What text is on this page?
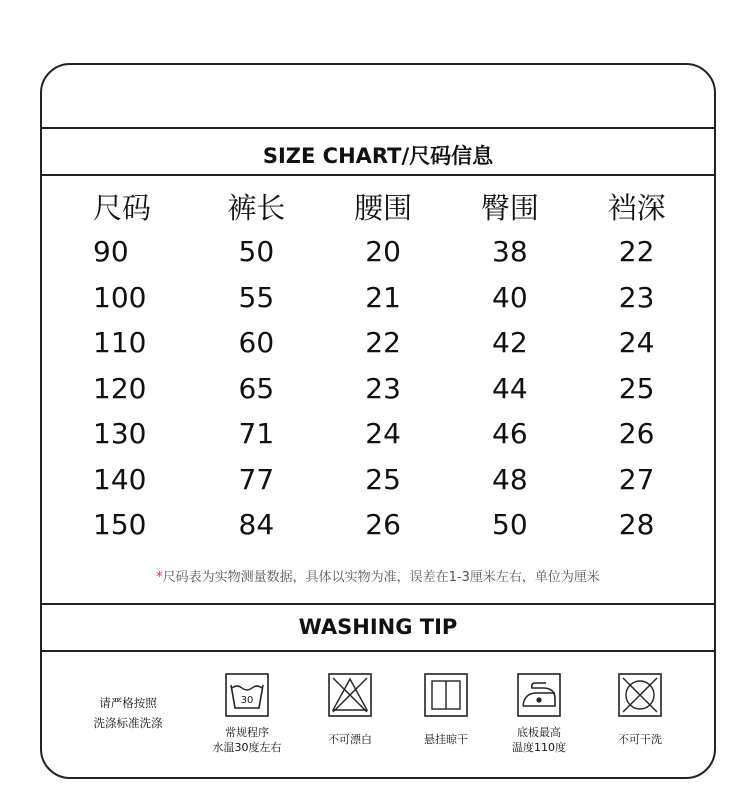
SIZE CHART/尺码信息
尺码	裤长	腰围	臀围	裆深
90	50	20	38	22
100	55	21	40	23
110	60	22	42	24
120	65	23	44	25
130	71	24	46	26
140	77	25	48	27
150	84	26	50	28
*尺码表为实物测量数据，具体以实物为准，误差在1-3厘米左右，单位为厘米
WASHING TIP
请严格按照
洗涤标准洗涤
30
常规程序
水温30度左右
不可漂白	悬挂晾干
底板最高
温度110度
不可干洗
